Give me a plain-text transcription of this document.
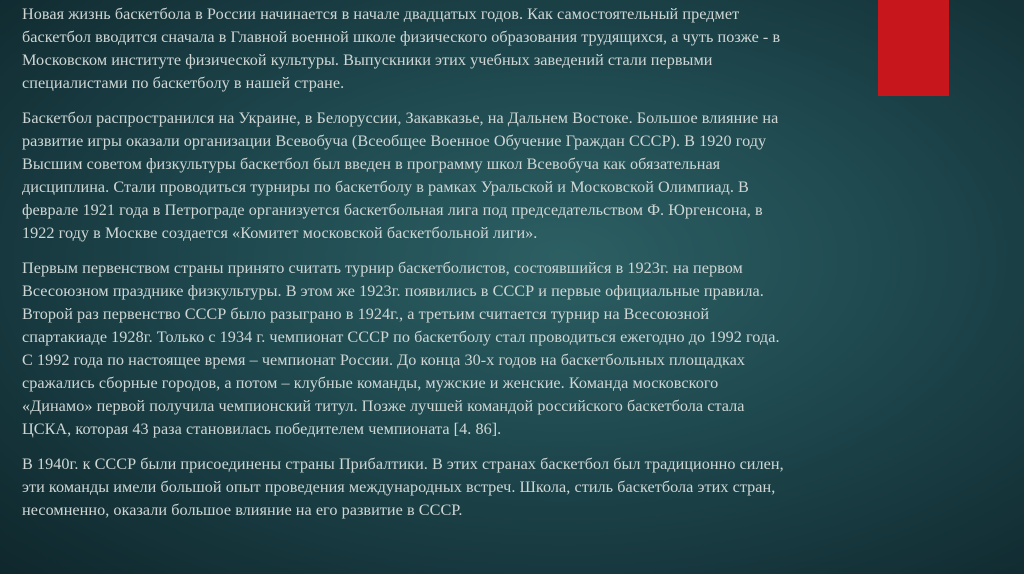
Новая жизнь баскетбола в России начинается в начале двадцатых годов. Как самостоятельный предмет
баскетбол вводится сначала в Главной военной школе физического образования трудящихся, а чуть позже - в
Московском институте физической культуры. Выпускники этих учебных заведений стали первыми
специалистами по баскетболу в нашей стране.

Баскетбол распространился на Украине, в Белоруссии, Закавказье, на Дальнем Востоке. Большое влияние на
развитие игры оказали организации Всевобуча (Всеобщее Военное Обучение Граждан СССР). В 1920 году
Высшим советом физкультуры баскетбол был введен в программу школ Всевобуча как обязательная
дисциплина. Стали проводиться турниры по баскетболу в рамках Уральской и Московской Олимпиад. В
феврале 1921 года в Петрограде организуется баскетбольная лига под председательством Ф. Юргенсона, в
1922 году в Москве создается «Комитет московской баскетбольной лиги».

Первым первенством страны принято считать турнир баскетболистов, состоявшийся в 1923г. на первом
Всесоюзном празднике физкультуры. В этом же 1923г. появились в СССР и первые официальные правила.
Второй раз первенство СССР было разыграно в 1924г., а третьим считается турнир на Всесоюзной
спартакиаде 1928г. Только с 1934 г. чемпионат СССР по баскетболу стал проводиться ежегодно до 1992 года.
С 1992 года по настоящее время – чемпионат России. До конца 30-х годов на баскетбольных площадках
сражались сборные городов, а потом – клубные команды, мужские и женские. Команда московского
«Динамо» первой получила чемпионский титул. Позже лучшей командой российского баскетбола стала
ЦСКА, которая 43 раза становилась победителем чемпионата [4. 86].

В 1940г. к СССР были присоединены страны Прибалтики. В этих странах баскетбол был традиционно силен,
эти команды имели большой опыт проведения международных встреч. Школа, стиль баскетбола этих стран,
несомненно, оказали большое влияние на его развитие в СССР.
